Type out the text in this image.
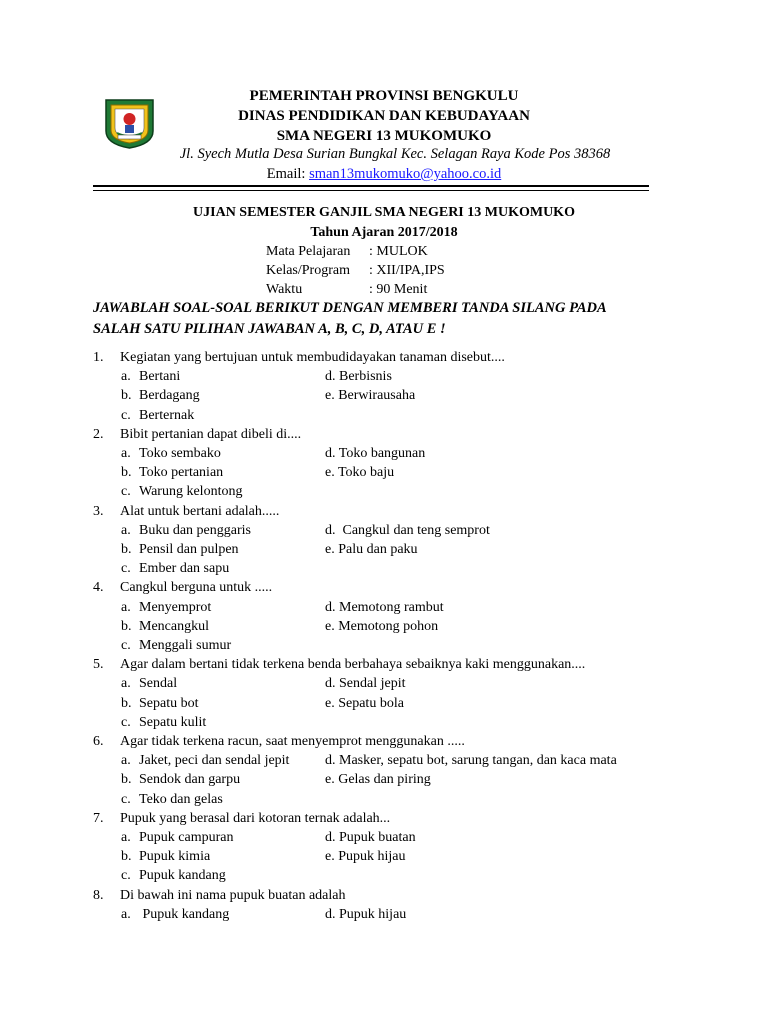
PEMERINTAH PROVINSI BENGKULU
DINAS PENDIDIKAN DAN KEBUDAYAAN
SMA NEGERI 13 MUKOMUKO
Jl. Syech Mutla Desa Surian Bungkal Kec. Selagan Raya Kode Pos 38368
Email: sman13mukomuko@yahoo.co.id
UJIAN SEMESTER GANJIL SMA NEGERI 13 MUKOMUKO
Tahun Ajaran 2017/2018
Mata Pelajaran : MULOK
Kelas/Program : XII/IPA,IPS
Waktu	: 90 Menit
JAWABLAH SOAL-SOAL BERIKUT DENGAN MEMBERI TANDA SILANG PADA
SALAH SATU PILIHAN JAWABAN A, B, C, D, ATAU E !
1. Kegiatan yang bertujuan untuk membudidayakan tanaman disebut....
a. Bertani	d. Berbisnis
b. Berdagang	e. Berwirausaha
c. Berternak
2. Bibit pertanian dapat dibeli di....
a. Toko sembako	d. Toko bangunan
b. Toko pertanian	e. Toko baju
c. Warung kelontong
3. Alat untuk bertani adalah.....
a. Buku dan penggaris	d.  Cangkul dan teng semprot
b. Pensil dan pulpen	e. Palu dan paku
c. Ember dan sapu
4. Cangkul berguna untuk .....
a. Menyemprot	d. Memotong rambut
b. Mencangkul	e. Memotong pohon
c. Menggali sumur
5. Agar dalam bertani tidak terkena benda berbahaya sebaiknya kaki menggunakan....
a. Sendal	d. Sendal jepit
b. Sepatu bot	e. Sepatu bola
c. Sepatu kulit
6. Agar tidak terkena racun, saat menyemprot menggunakan .....
a. Jaket, peci dan sendal jepit	d. Masker, sepatu bot, sarung tangan, dan kaca mata
b. Sendok dan garpu	e. Gelas dan piring
c. Teko dan gelas
7. Pupuk yang berasal dari kotoran ternak adalah...
a. Pupuk campuran	d. Pupuk buatan
b. Pupuk kimia	e. Pupuk hijau
c. Pupuk kandang
8. Di bawah ini nama pupuk buatan adalah
a. Pupuk kandang	d. Pupuk hijau
